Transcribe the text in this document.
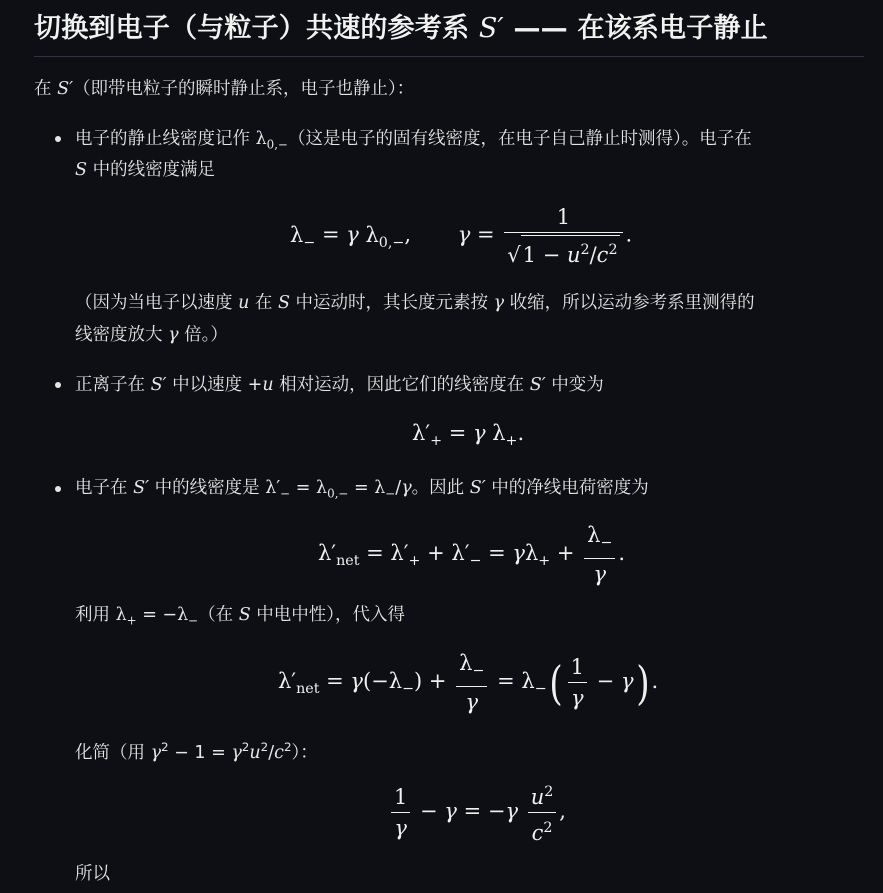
切换到电子（与粒子）共速的参考系 S′ —— 在该系电子静止
在 S′（即带电粒子的瞬时静止系，电子也静止）：
电子的静止线密度记作 $\lambda_{0,-}$（这是电子的固有线密度，在电子自己静止时测得）。电子在
S 中的线密度满足
$\lambda_- = \gamma$ $\lambda_{0,-}$,       $\gamma = \frac{1}{√1 - u^2/c^2}$ .
（因为当电子以速度 u 在 S 中运动时，其长度元素按 γ 收缩，所以运动参考系里测得的
线密度放大 γ 倍。）
正离子在 S′ 中以速度 +u 相对运动，因此它们的线密度在 S′ 中变为
$\lambda'_+ = \gamma$ $\lambda_+$.
电子在 S′ 中的线密度是 $\lambda'_- = \lambda_{0,-} = \lambda_-/\gamma$。因此 S′ 中的净线电荷密度为
$\lambda'_{net} = \lambda'_+ + \lambda'_- = \gamma\lambda_+ + \frac{\lambda_-}{\gamma}$ .
利用 $\lambda_+ = -\lambda_-$（在 S 中电中性），代入得
$\lambda'_{net} = \gamma(-\lambda_-) + \frac{\lambda_-}{\gamma} = \lambda_-( \frac{1}{\gamma} - \gamma)$ .
化简（用 $\gamma^2 - 1 = \gamma^2u^2/c^2$）：
$\frac{1}{\gamma} - \gamma = -\gamma \frac{u^2}{c^2}$ ,
所以
